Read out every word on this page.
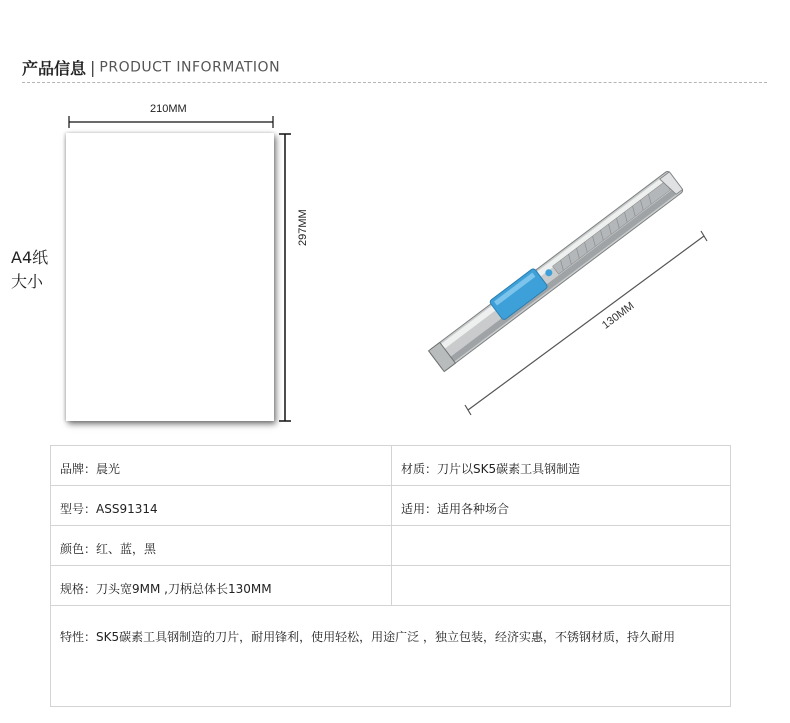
产品信息 | PRODUCT INFORMATION
210MM
297MM
A4纸
大小
130MM
品牌：晨光	材质：刀片以SK5碳素工具钢制造
型号：ASS91314	适用：适用各种场合
颜色：红、蓝，黑	
规格：刀头宽9MM ,刀柄总体长130MM	
特性：SK5碳素工具钢制造的刀片，耐用锋利，使用轻松，用途广泛 ，独立包装，经济实惠，不锈钢材质，持久耐用	
